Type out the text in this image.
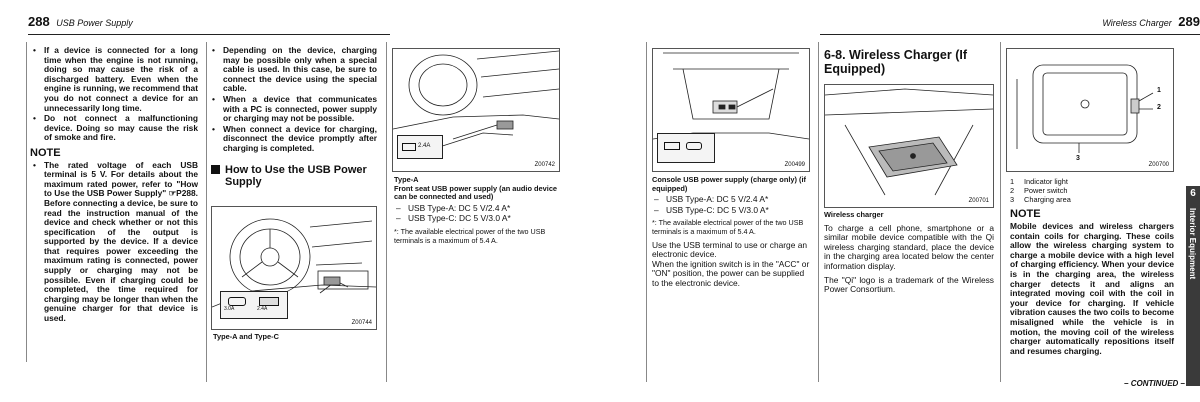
288 USB Power Supply
• If a device is connected for a long time when the engine is not running, doing so may cause the risk of a discharged battery. Even when the engine is running, we recommend that you do not connect a device for an unnecessarily long time.
• Do not connect a malfunctioning device. Doing so may cause the risk of smoke and fire.
NOTE
• The rated voltage of each USB terminal is 5 V. For details about the maximum rated power, refer to "How to Use the USB Power Supply" ☞P288. Before connecting a device, be sure to read the instruction manual of the device and check whether or not this specification of the output is supported by the device. If a device that requires power exceeding the maximum rating is connected, power supply or charging may not be possible. Even if charging could be completed, the time required for charging may be longer than when the genuine charger for that device is used.
• Depending on the device, charging may be possible only when a special cable is used. In this case, be sure to connect the device using the special cable.
• When a device that communicates with a PC is connected, power supply or charging may not be possible.
• When connect a device for charging, disconnect the device promptly after charging is completed.
How to Use the USB Power Supply
3.0A	2.4A
Z00744
Type-A and Type-C
2.4A
Z00742
Type-A
Front seat USB power supply (an audio device can be connected and used)
– USB Type-A: DC 5 V/2.4 A*
– USB Type-C: DC 5 V/3.0 A*
*: The available electrical power of the two USB terminals is a maximum of 5.4 A.
Wireless Charger 289
Z00499
Console USB power supply (charge only) (if equipped)
– USB Type-A: DC 5 V/2.4 A*
– USB Type-C: DC 5 V/3.0 A*
*: The available electrical power of the two USB terminals is a maximum of 5.4 A.
Use the USB terminal to use or charge an electronic device.
When the ignition switch is in the "ACC" or "ON" position, the power can be supplied to the electronic device.
6-8. Wireless Charger (If Equipped)
Z00701
Wireless charger
To charge a cell phone, smartphone or a similar mobile device compatible with the Qi wireless charging standard, place the device in the charging area located below the center information display.
The "Qi" logo is a trademark of the Wireless Power Consortium.
1
2
3
Z00700
1 Indicator light
2 Power switch
3 Charging area
NOTE
Mobile devices and wireless chargers contain coils for charging. These coils allow the wireless charging system to charge a mobile device with a high level of charging efficiency. When your device is in the charging area, the wireless charger detects it and aligns an integrated moving coil with the coil in your device for charging. If vehicle vibration causes the two coils to become misaligned while the vehicle is in motion, the moving coil of the wireless charger automatically repositions itself and resumes charging.
– CONTINUED –
6
Interior Equipment
